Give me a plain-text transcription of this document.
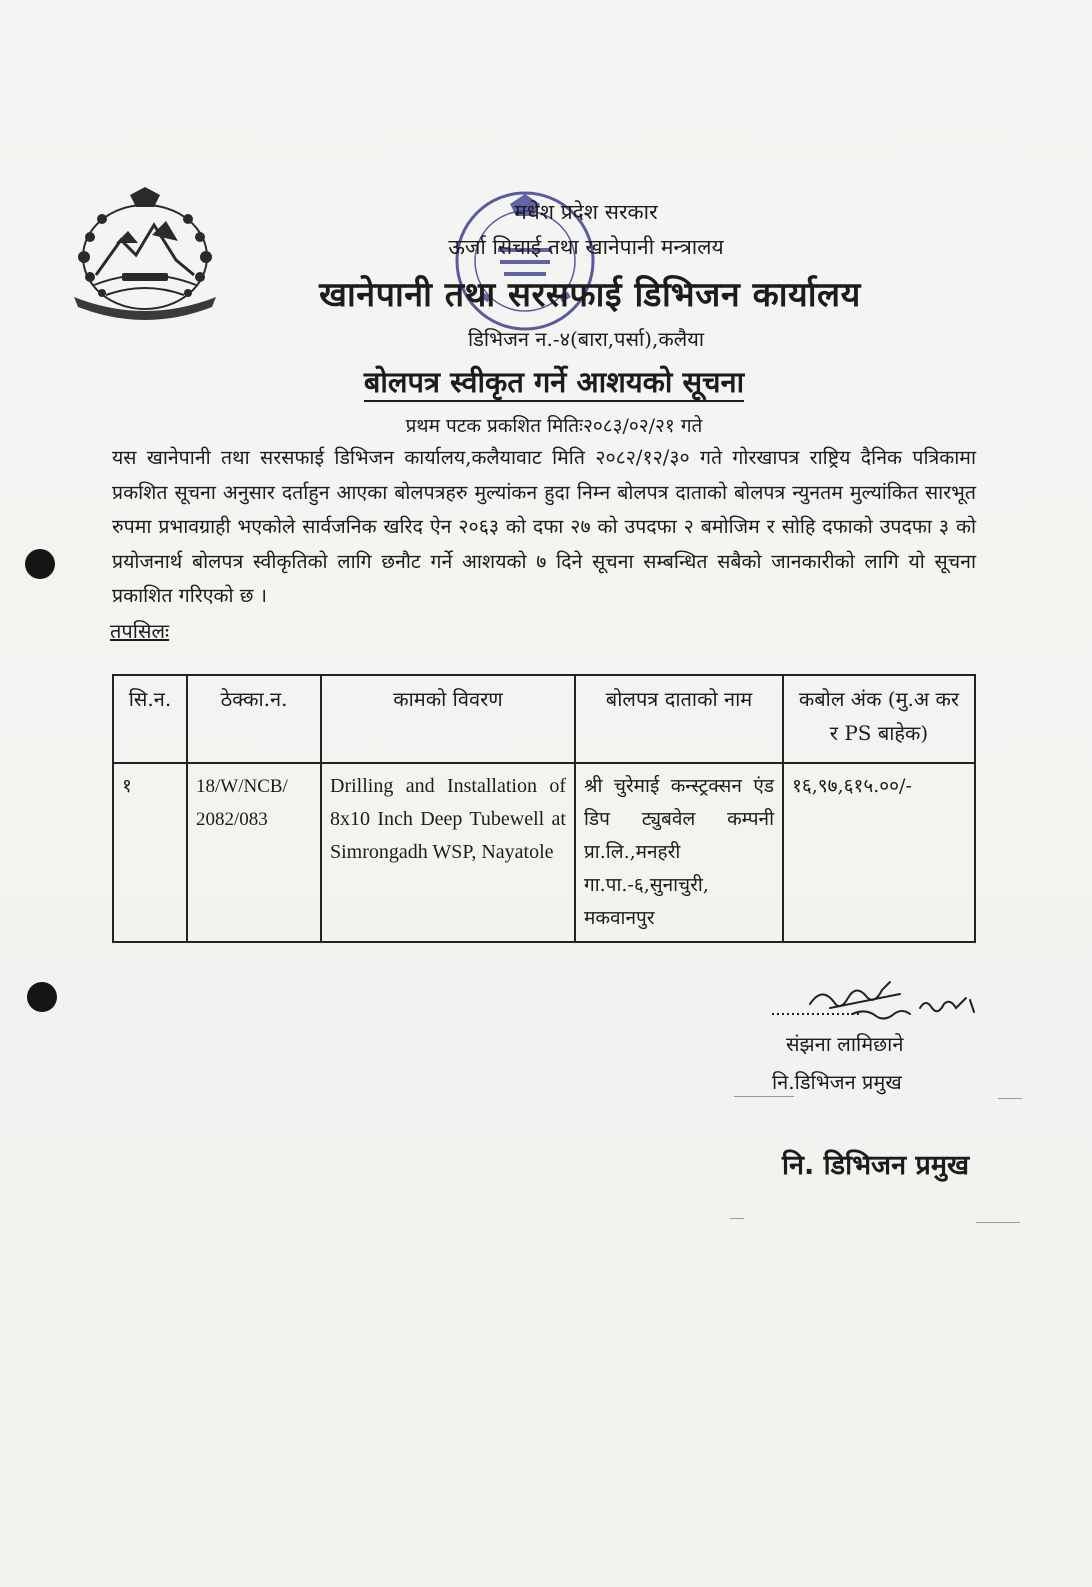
मधेश प्रदेश सरकार
ऊर्जा सिचाई तथा खानेपानी मन्त्रालय
खानेपानी तथा सरसफाई डिभिजन कार्यालय
डिभिजन न.-४(बारा,पर्सा),कलैया
बोलपत्र स्वीकृत गर्ने आशयको सूचना
प्रथम पटक प्रकशित मितिः२०८३/०२/२१ गते
यस खानेपानी तथा सरसफाई डिभिजन कार्यालय,कलैयावाट मिति २०८२/१२/३० गते गोरखापत्र राष्ट्रिय दैनिक पत्रिकामा प्रकशित सूचना अनुसार दर्ताहुन आएका बोलपत्रहरु मुल्यांकन हुदा निम्न बोलपत्र दाताको बोलपत्र न्युनतम मुल्यांकित सारभूत रुपमा प्रभावग्राही भएकोले सार्वजनिक खरिद ऐन २०६३ को दफा २७ को उपदफा २ बमोजिम र सोहि दफाको उपदफा ३ को प्रयोजनार्थ बोलपत्र स्वीकृतिको लागि छनौट गर्ने आशयको ७ दिने सूचना सम्बन्धित सबैको जानकारीको लागि यो सूचना प्रकाशित गरिएको छ ।
तपसिलः
सि.न.	ठेक्का.न.	कामको विवरण	बोलपत्र दाताको नाम	कबोल अंक (मु.अ कर र PS बाहेक)
१	18/W/NCB/ 2082/083	Drilling and Installation of 8x10 Inch Deep Tubewell at Simrongadh WSP, Nayatole	श्री चुरेमाई कन्स्ट्रक्सन एंड डिप ट्युबवेल कम्पनी प्रा.लि.,मनहरी गा.पा.-६,सुनाचुरी, मकवानपुर	१६,९७,६१५.००/-
संझना लामिछाने
नि.डिभिजन प्रमुख
नि. डिभिजन प्रमुख
